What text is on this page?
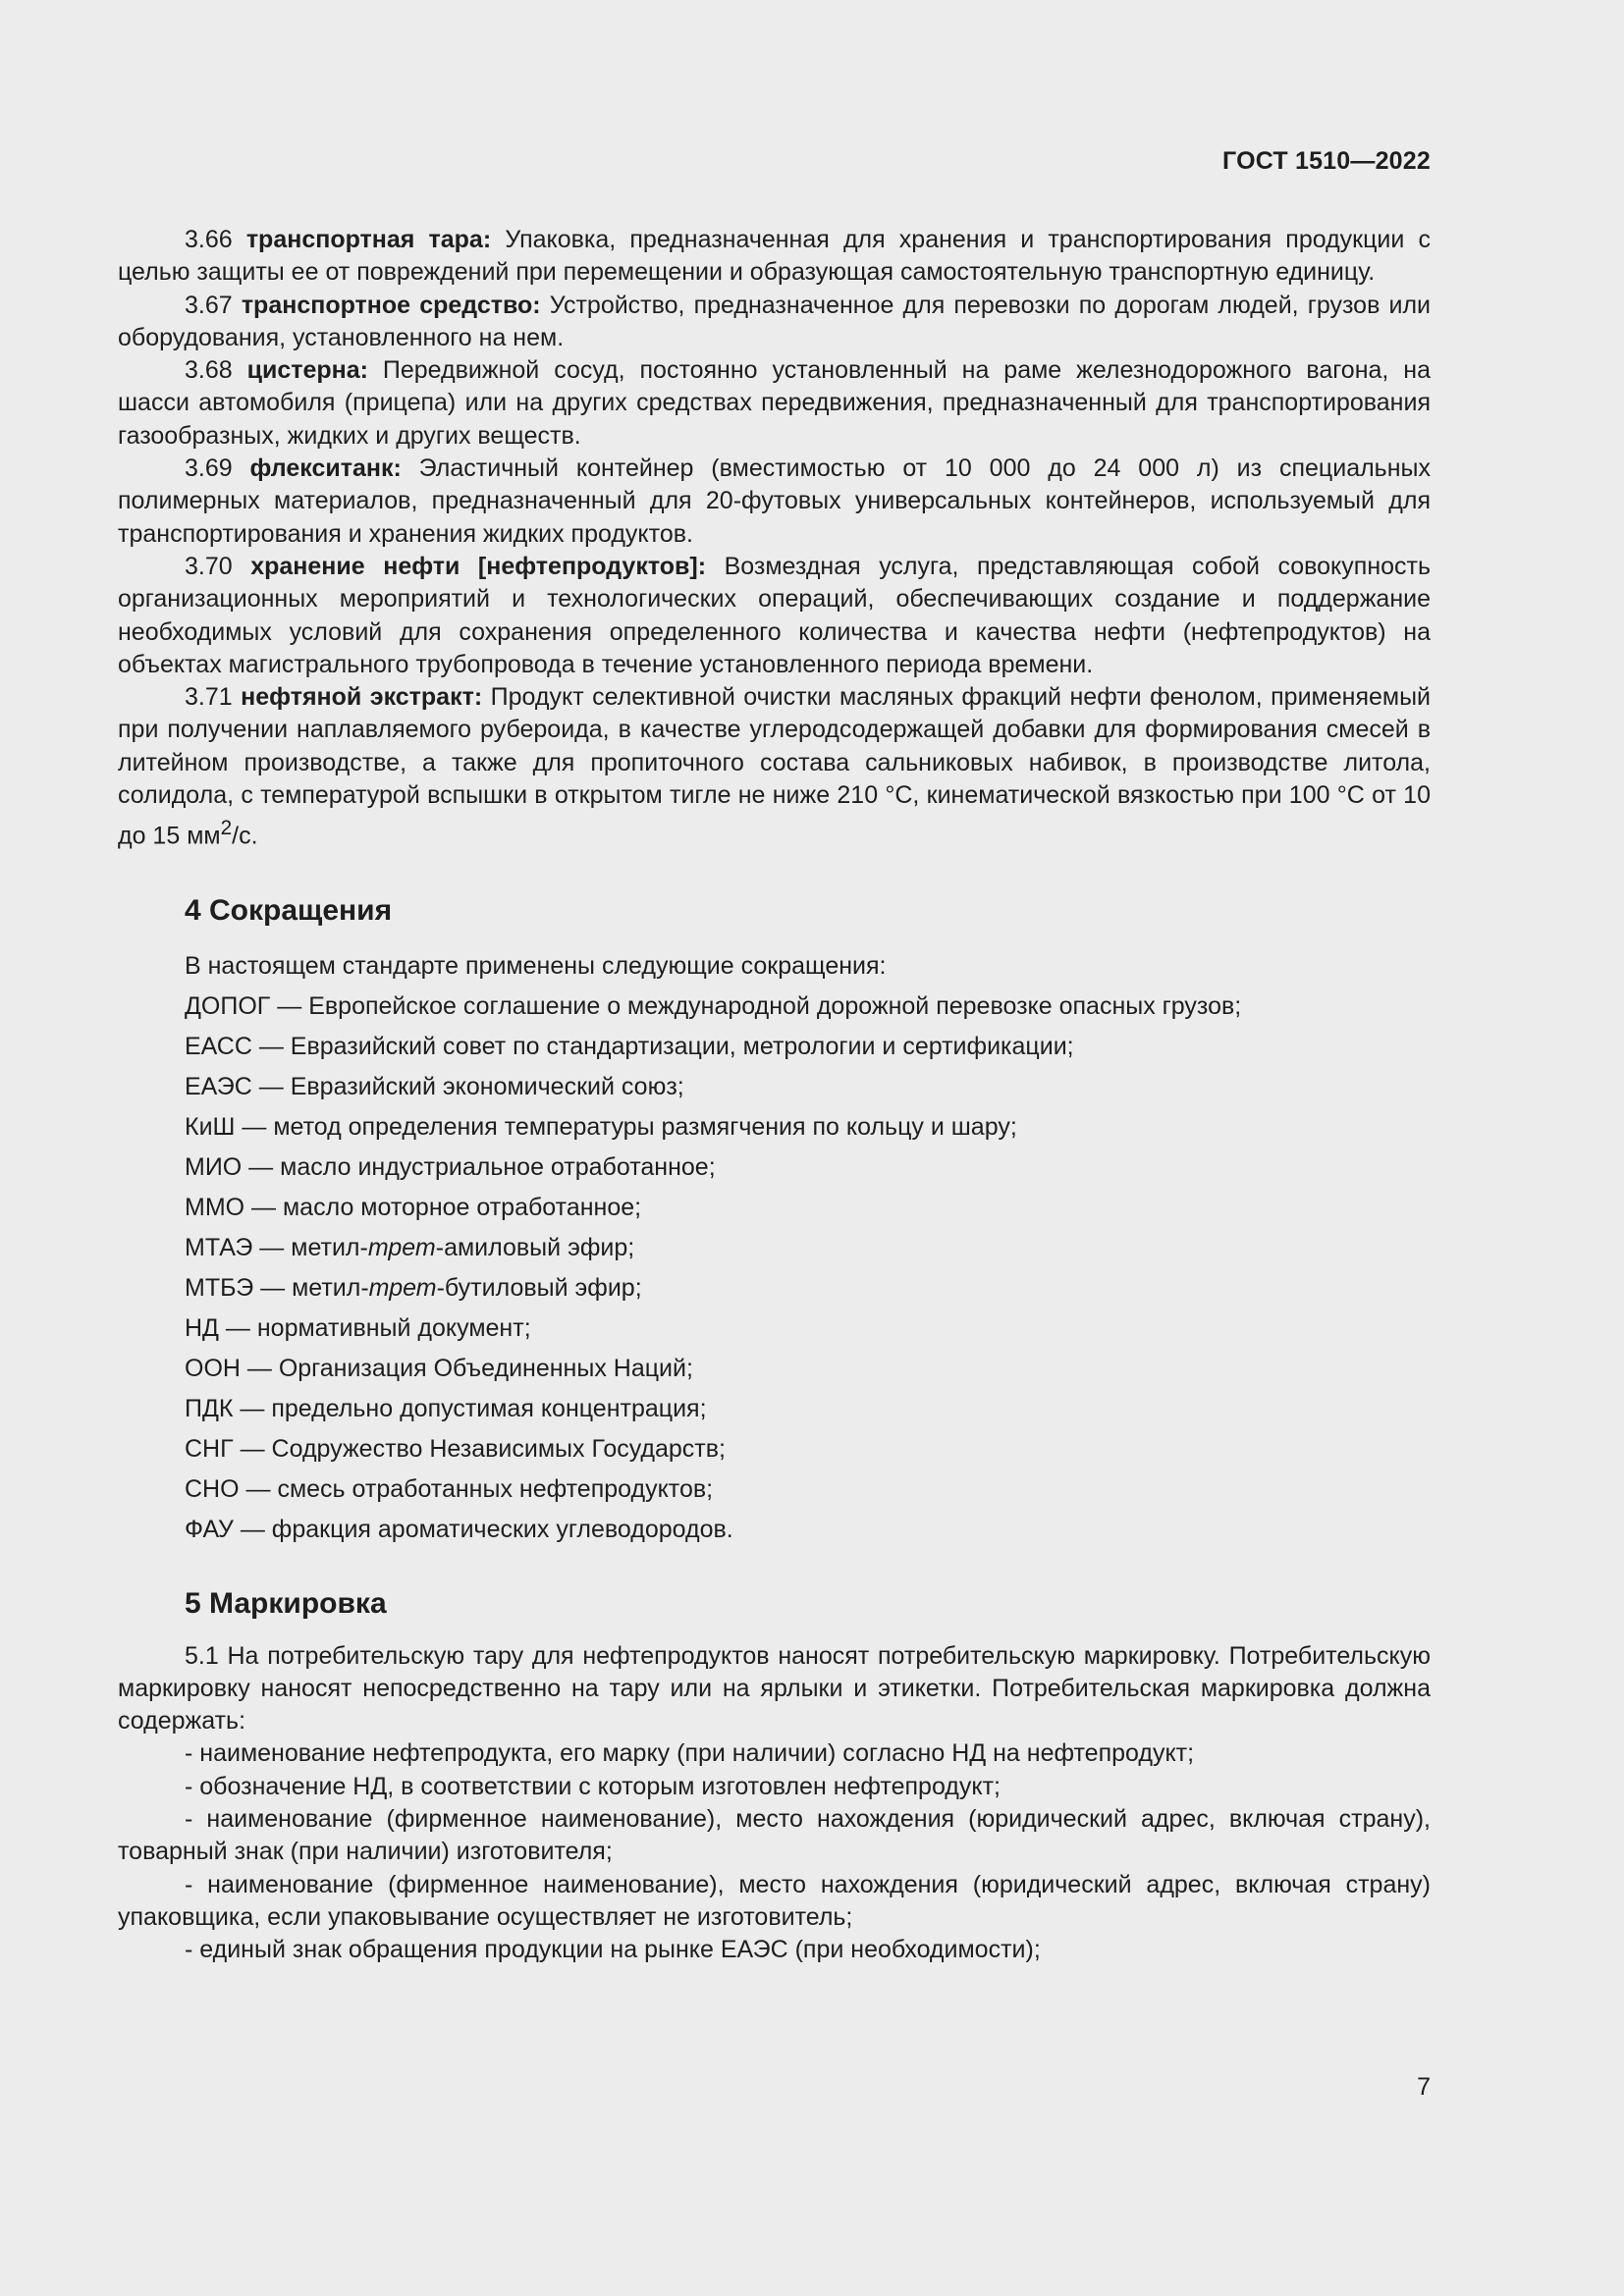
ГОСТ 1510—2022

3.66 транспортная тара: Упаковка, предназначенная для хранения и транспортирования продукции с целью защиты ее от повреждений при перемещении и образующая самостоятельную транспортную единицу.

3.67 транспортное средство: Устройство, предназначенное для перевозки по дорогам людей, грузов или оборудования, установленного на нем.

3.68 цистерна: Передвижной сосуд, постоянно установленный на раме железнодорожного вагона, на шасси автомобиля (прицепа) или на других средствах передвижения, предназначенный для транспортирования газообразных, жидких и других веществ.

3.69 флекситанк: Эластичный контейнер (вместимостью от 10 000 до 24 000 л) из специальных полимерных материалов, предназначенный для 20-футовых универсальных контейнеров, используемый для транспортирования и хранения жидких продуктов.

3.70 хранение нефти [нефтепродуктов]: Возмездная услуга, представляющая собой совокупность организационных мероприятий и технологических операций, обеспечивающих создание и поддержание необходимых условий для сохранения определенного количества и качества нефти (нефтепродуктов) на объектах магистрального трубопровода в течение установленного периода времени.

3.71 нефтяной экстракт: Продукт селективной очистки масляных фракций нефти фенолом, применяемый при получении наплавляемого рубероида, в качестве углеродсодержащей добавки для формирования смесей в литейном производстве, а также для пропиточного состава сальниковых набивок, в производстве литола, солидола, с температурой вспышки в открытом тигле не ниже 210 °С, кинематической вязкостью при 100 °С от 10 до 15 $мм^2/с$.

4 Сокращения

В настоящем стандарте применены следующие сокращения:

ДОПОГ — Европейское соглашение о международной дорожной перевозке опасных грузов;

ЕАСС — Евразийский совет по стандартизации, метрологии и сертификации;

ЕАЭС — Евразийский экономический союз;

КиШ — метод определения температуры размягчения по кольцу и шару;

МИО — масло индустриальное отработанное;

ММО — масло моторное отработанное;

МТАЭ — метил-трет-амиловый эфир;

МТБЭ — метил-трет-бутиловый эфир;

НД — нормативный документ;

ООН — Организация Объединенных Наций;

ПДК — предельно допустимая концентрация;

СНГ — Содружество Независимых Государств;

СНО — смесь отработанных нефтепродуктов;

ФАУ — фракция ароматических углеводородов.

5 Маркировка

5.1 На потребительскую тару для нефтепродуктов наносят потребительскую маркировку. Потребительскую маркировку наносят непосредственно на тару или на ярлыки и этикетки. Потребительская маркировка должна содержать:

- наименование нефтепродукта, его марку (при наличии) согласно НД на нефтепродукт;

- обозначение НД, в соответствии с которым изготовлен нефтепродукт;

- наименование (фирменное наименование), место нахождения (юридический адрес, включая страну), товарный знак (при наличии) изготовителя;

- наименование (фирменное наименование), место нахождения (юридический адрес, включая страну) упаковщика, если упаковывание осуществляет не изготовитель;

- единый знак обращения продукции на рынке ЕАЭС (при необходимости);

7
